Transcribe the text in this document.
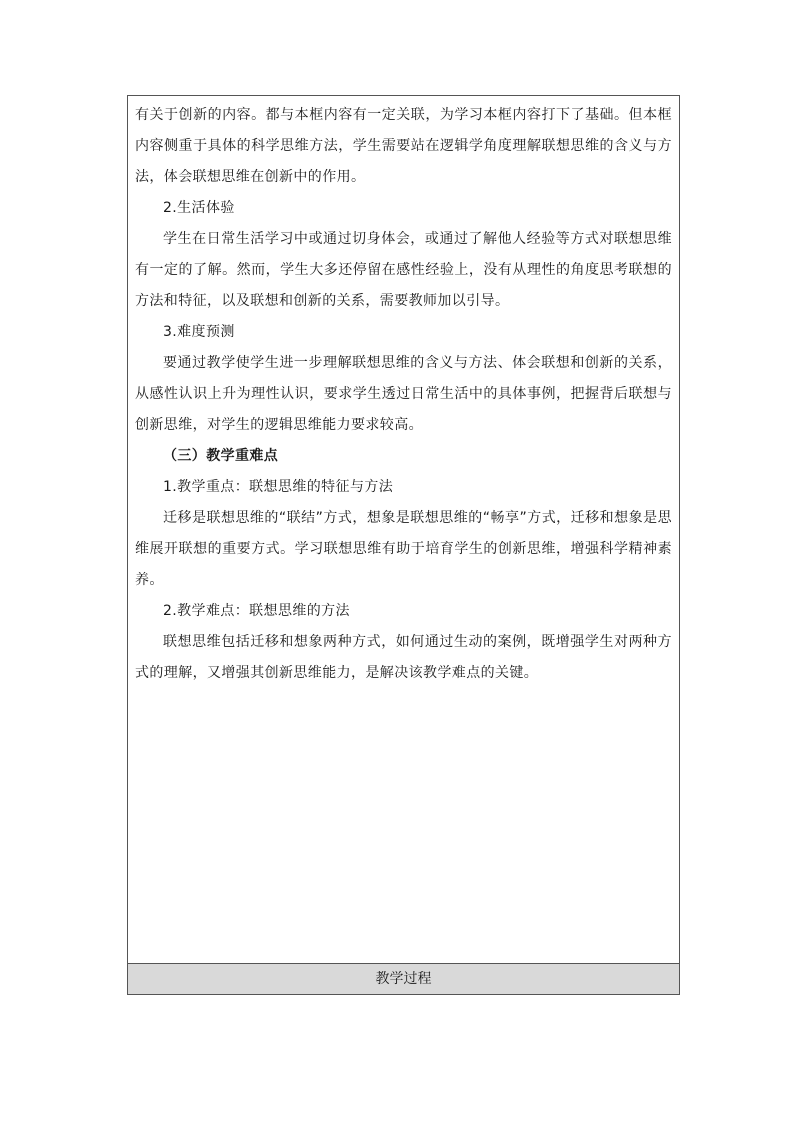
有关于创新的内容。都与本框内容有一定关联，为学习本框内容打下了基础。但本框内容侧重于具体的科学思维方法，学生需要站在逻辑学角度理解联想思维的含义与方法，体会联想思维在创新中的作用。

2.生活体验

学生在日常生活学习中或通过切身体会，或通过了解他人经验等方式对联想思维有一定的了解。然而，学生大多还停留在感性经验上，没有从理性的角度思考联想的方法和特征，以及联想和创新的关系，需要教师加以引导。

3.难度预测

要通过教学使学生进一步理解联想思维的含义与方法、体会联想和创新的关系，从感性认识上升为理性认识，要求学生透过日常生活中的具体事例，把握背后联想与创新思维，对学生的逻辑思维能力要求较高。

（三）教学重难点

1.教学重点：联想思维的特征与方法

迁移是联想思维的“联结”方式，想象是联想思维的“畅享”方式，迁移和想象是思维展开联想的重要方式。学习联想思维有助于培育学生的创新思维，增强科学精神素养。

2.教学难点：联想思维的方法

联想思维包括迁移和想象两种方式，如何通过生动的案例，既增强学生对两种方式的理解，又增强其创新思维能力，是解决该教学难点的关键。

教学过程
